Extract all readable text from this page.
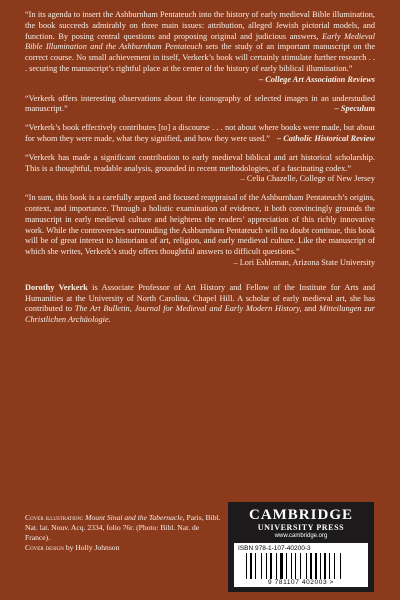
“In its agenda to insert the Ashburnham Pentateuch into the history of early medieval Bible illumination, the book succeeds admirably on three main issues: attribution, alleged Jewish pictorial models, and function. By posing central questions and proposing original and judicious answers, Early Medieval Bible Illumination and the Ashburnham Pentateuch sets the study of an important manuscript on the correct course. No small achievement in itself, Verkerk’s book will certainly stimulate further research . . . securing the manuscript’s rightful place at the center of the history of early biblical illumination.”
– College Art Association Reviews

“Verkerk offers interesting observations about the iconography of selected images in an understudied manuscript.”	– Speculum

“Verkerk’s book effectively contributes [to] a discourse . . . not about where books were made, but about for whom they were made, what they signified, and how they were used.” – Catholic Historical Review

“Verkerk has made a significant contribution to early medieval biblical and art historical scholarship. This is a thoughtful, readable analysis, grounded in recent methodologies, of a fascinating codex.”
– Celia Chazelle, College of New Jersey

“In sum, this book is a carefully argued and focused reappraisal of the Ashburnham Pentateuch’s origins, context, and importance. Through a holistic examination of evidence, it both convincingly grounds the manuscript in early medieval culture and heightens the readers’ appreciation of this richly innovative work. While the controversies surrounding the Ashburnham Pentateuch will no doubt continue, this book will be of great interest to historians of art, religion, and early medieval culture. Like the manuscript of which she writes, Verkerk’s study offers thoughtful answers to difficult questions.”
– Lori Eshleman, Arizona State University

Dorothy Verkerk is Associate Professor of Art History and Fellow of the Institute for Arts and Humanities at the University of North Carolina, Chapel Hill. A scholar of early medieval art, she has contributed to The Art Bulletin, Journal for Medieval and Early Modern History, and Mitteilungen zur Christlichen Archäologie.

Cover illustration: Mount Sinai and the Tabernacle, Paris, Bibl. Nat. lat. Nouv. Acq. 2334, folio 76r. (Photo: Bibl. Nat. de France).
Cover design by Holly Johnson
CAMBRIDGE
UNIVERSITY PRESS
www.cambridge.org
ISBN 978-1-107-40200-3
9 781107 402003 >
